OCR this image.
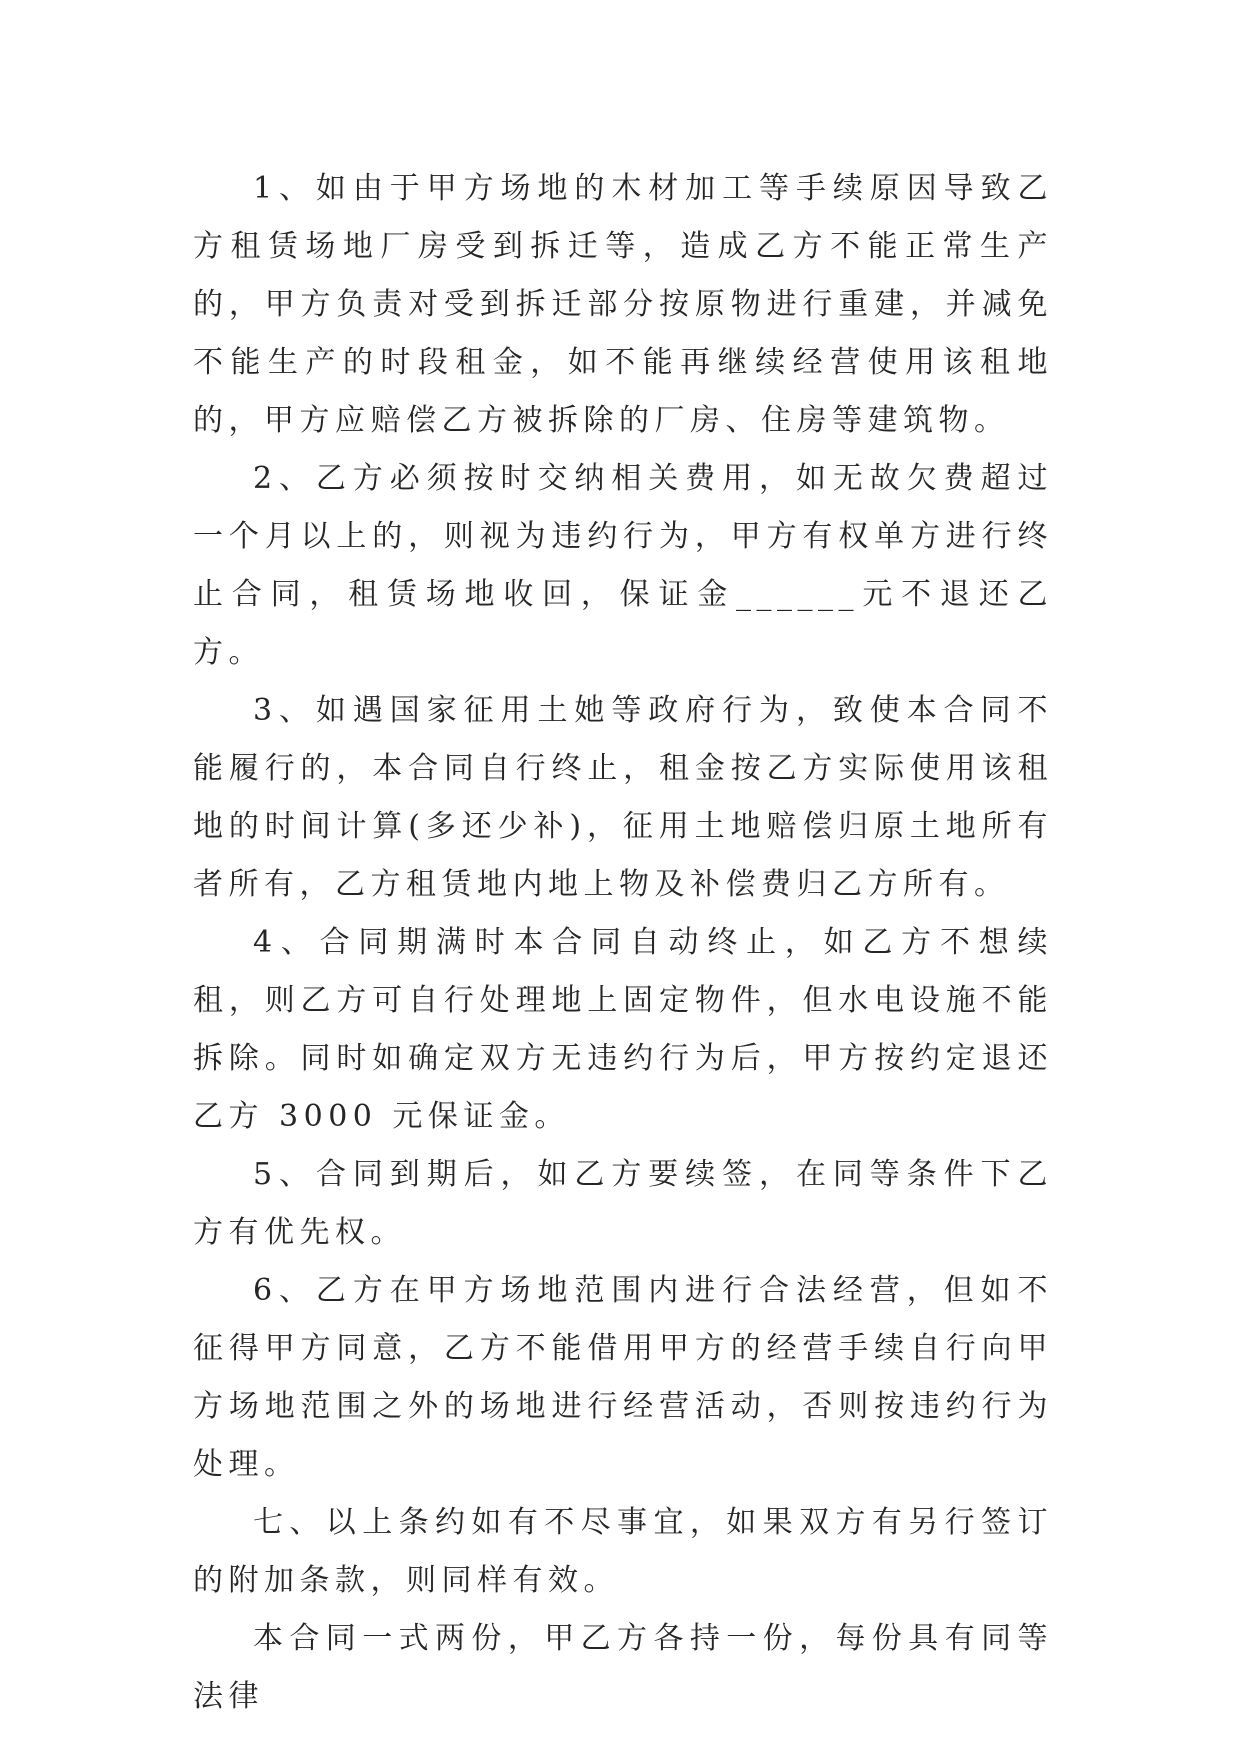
1、如由于甲方场地的木材加工等手续原因导致乙方租赁场地厂房受到拆迁等，造成乙方不能正常生产的，甲方负责对受到拆迁部分按原物进行重建，并减免不能生产的时段租金，如不能再继续经营使用该租地的，甲方应赔偿乙方被拆除的厂房、住房等建筑物。

2、乙方必须按时交纳相关费用，如无故欠费超过一个月以上的，则视为违约行为，甲方有权单方进行终止合同，租赁场地收回，保证金______元不退还乙方。

3、如遇国家征用土她等政府行为，致使本合同不能履行的，本合同自行终止，租金按乙方实际使用该租地的时间计算(多还少补)，征用土地赔偿归原土地所有者所有，乙方租赁地内地上物及补偿费归乙方所有。

4、合同期满时本合同自动终止，如乙方不想续租，则乙方可自行处理地上固定物件，但水电设施不能拆除。同时如确定双方无违约行为后，甲方按约定退还乙方 3000 元保证金。

5、合同到期后，如乙方要续签，在同等条件下乙方有优先权。

6、乙方在甲方场地范围内进行合法经营，但如不征得甲方同意，乙方不能借用甲方的经营手续自行向甲方场地范围之外的场地进行经营活动，否则按违约行为处理。

七、以上条约如有不尽事宜，如果双方有另行签订的附加条款，则同样有效。

本合同一式两份，甲乙方各持一份，每份具有同等法律
